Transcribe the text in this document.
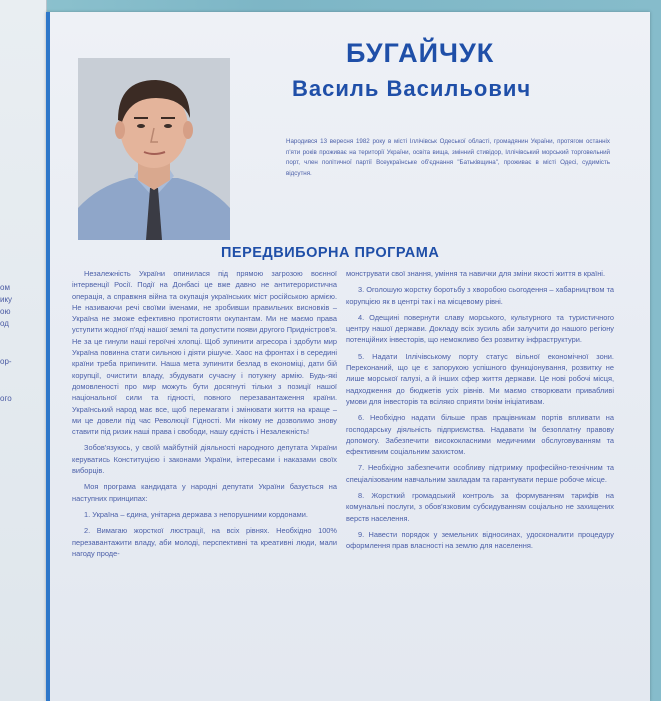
ом
ику
ою
од
ор-
ого
БУГАЙЧУК
Василь Васильович
Народився 13 вересня 1982 року в місті Іллічівськ Одеської області, громадянин України, протягом останніх п'яти років проживає на території України, освіта вища, змінний стивідор, Іллічівський морський торговельний порт, член політичної партії Всеукраїнське об'єднання "Батьківщина", проживає в місті Одесі, судимість відсутня.
ПЕРЕДВИБОРНА ПРОГРАМА

Незалежність України опинилася під прямою загрозою воєнної інтервенції Росії. Події на Донбасі це вже давно не антитерористична операція, а справжня війна та окупація українських міст російською армією. Не називаючи речі своїми іменами, не зробивши правильних висновків – Україна не зможе ефективно протистояти окупантам. Ми не маємо права уступити жодної п'яді нашої землі та допустити появи другого Придністров'я. Не за це гинули наші героїчні хлопці. Щоб зупинити агресора і здобути мир Україна повинна стати сильною і діяти рішуче. Хаос на фронтах і в середині країни треба припинити. Наша мета зупинити безлад в економіці, дати бій корупції, очистити владу, збудувати сучасну і потужну армію. Будь-які домовленості про мир можуть бути досягнуті тільки з позиції нашої національної сили та гідності, повного перезавантаження країни. Український народ має все, щоб перемагати і змінювати життя на краще – ми це довели під час Революції Гідності. Ми нікому не дозволимо знову ставити під ризик наші права і свободи, нашу єдність і Незалежність!

Зобов'язуюсь, у своїй майбутній діяльності народного депутата України керуватись Конституцією і законами України, інтересами і наказами своїх виборців.

Моя програма кандидата у народні депутати України базується на наступних принципах:

1. Україна – єдина, унітарна держава з непорушними кордонами.

2. Вимагаю жорсткої люстрації, на всіх рівнях. Необхідно 100% перезавантажити владу, аби молоді, перспективні та креативні люди, мали нагоду проде-

монструвати свої знання, уміння та навички для зміни якості життя в країні.

3. Оголошую жорстку боротьбу з хворобою сьогодення – хабарництвом та корупцією як в центрі так і на місцевому рівні.

4. Одещині повернути славу морського, культурного та туристичного центру нашої держави. Докладу всіх зусиль аби залучити до нашого регіону потенційних інвесторів, що неможливо без розвитку інфраструктури.

5. Надати Іллічівському порту статус вільної економічної зони. Переконаний, що це є запорукою успішного функціонування, розвитку не лише морської галузі, а й інших сфер життя держави. Це нові робочі місця, надходження до бюджетів усіх рівнів. Ми маємо створювати привабливі умови для інвесторів та всіляко сприяти їхнім ініціативам.

6. Необхідно надати більше прав працівникам портів впливати на господарську діяльність підприємства. Надавати їм безоплатну правову допомогу. Забезпечити висококласними медичними обслуговуванням та ефективним соціальним захистом.

7. Необхідно забезпечити особливу підтримку професійно-технічним та спеціалізованим навчальним закладам та гарантувати перше робоче місце.

8. Жорсткий громадський контроль за формуванням тарифів на комунальні послуги, з обов'язковим субсидуванням соціально не захищених верств населення.

9. Навести порядок у земельних відносинах, удосконалити процедуру оформлення прав власності на землю для населення.
